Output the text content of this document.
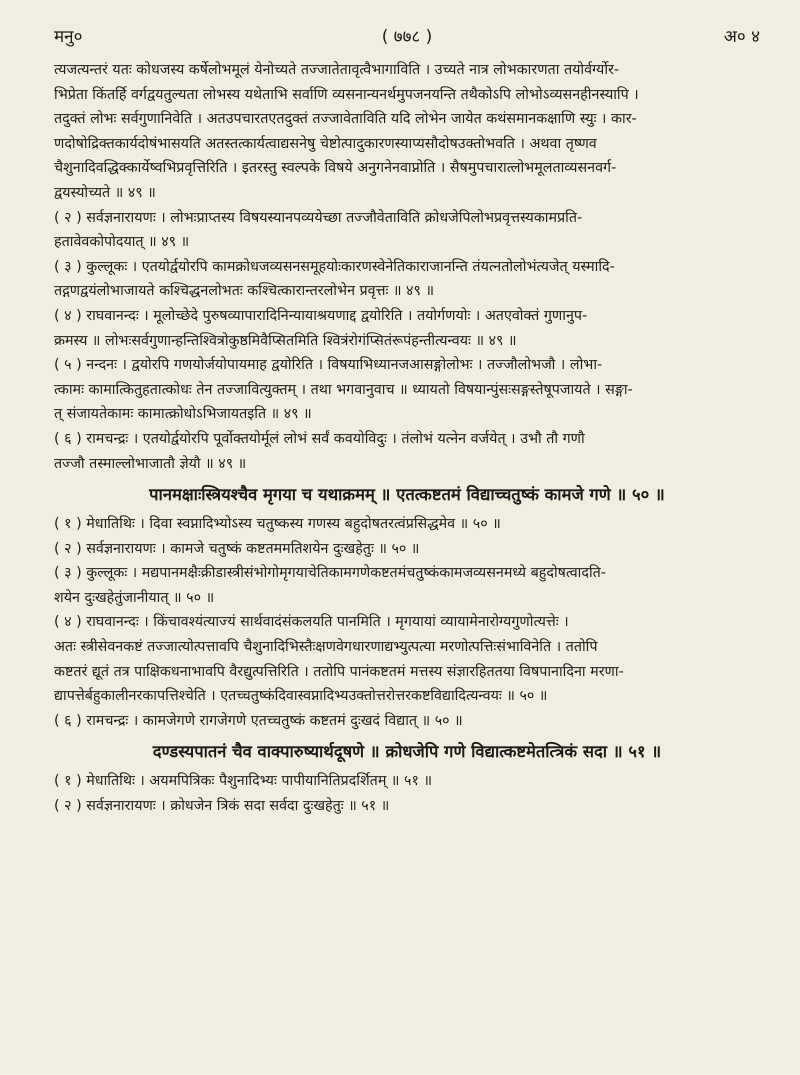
मनु०	( ७७८ )	अ० ४

त्यजत्यन्तरं यतः कोधजस्य कर्षेलोभमूलं येनोच्यते तज्जातेतावृत्वैभागाविति । उच्यते नात्र लोभकारणता तयोर्वर्ग्योर-

भिप्रेता किंतर्हि वर्गद्वयतुल्यता लोभस्य यथेताभि सर्वाणि व्यसनान्यनर्थमुपजनयन्ति तथैकोऽपि लोभोऽव्यसनहीनस्यापि ।

तदुक्तं लोभः सर्वगुणानिवेति । अतउपचारतएतदुक्तं तज्जावेताविति यदि लोभेन जायेत कथंसमानकक्षाणि स्युः । कार-

णदोषोद्रिक्तकार्यदोषंभासयति अतस्तत्कार्यत्वाद्यसनेषु चेष्टोत्पादुकारणस्याप्यसौदोषउक्तोभवति । अथवा तृष्णव

चैशुनादिवद्धिक्कार्येष्वभिप्रवृत्तिरिति । इतरस्तु स्वल्पके विषये अनुगनेनवाप्नोति । सैषमुपचारात्लोभमूलताव्यसनवर्ग-

द्वयस्योच्यते ॥ ४९ ॥

( २ ) सर्वज्ञनारायणः । लोभःप्राप्तस्य विषयस्यानपव्ययेच्छा तज्जौवेताविति क्रोधजेपिलोभप्रवृत्तस्यकामप्रति-

हतावेवकोपोदयात् ॥ ४९ ॥

( ३ ) कुल्लूकः । एतयोर्द्वयोरपि कामक्रोधजव्यसनसमूहयोःकारणस्वेनेतिकाराजानन्ति तंयत्नतोलोभंत्यजेत् यस्मादि-

तद्गणद्वयंलोभाजायते कश्चिद्धनलोभतः कश्चित्कारान्तरलोभेन प्रवृत्तः ॥ ४९ ॥

( ४ ) राघवानन्दः । मूलोच्छेदे पुरुषव्यापारादिनिन्यायाश्रयणाद्द द्वयोरिति । तयोर्गणयोः । अतएवोक्तं गुणानुप-

क्रमस्य ॥ लोभःसर्वगुणान्हन्तिश्वित्रोकुष्ठमिवैप्सितमिति श्वित्रंरोगंप्सितंरूपंहन्तीत्यन्वयः ॥ ४९ ॥

( ५ ) नन्दनः । द्वयोरपि गणयोर्जयोपायमाह द्वयोरिति । विषयाभिध्यानजआसङ्गोलोभः । तज्जौलोभजौ । लोभा-

त्कामः कामात्कितुहतात्कोधः तेन तज्जावित्युक्तम् । तथा भगवानुवाच ॥ ध्यायतो विषयान्पुंसःसङ्गस्तेषूपजायते । सङ्गा-

त् संजायतेकामः कामात्क्रोधोऽभिजायतइति ॥ ४९ ॥

( ६ ) रामचन्द्रः । एतयोर्द्वयोरपि पूर्वोक्तयोर्मूलं लोभं सर्वं कवयोविदुः । तंलोभं यत्नेन वर्जयेत् । उभौ तौ गणौ

तज्जौ तस्माल्लोभाजातौ ज्ञेयौ ॥ ४९ ॥

पानमक्षाःस्त्रियश्चैव मृगया च यथाक्रमम् ॥ एतत्कष्टतमं विद्याच्चतुष्कं कामजे गणे ॥ ५० ॥

( १ ) मेधातिथिः । दिवा स्वप्नादिभ्योऽस्य चतुष्कस्य गणस्य बहुदोषतरत्वंप्रसिद्धमेव ॥ ५० ॥

( २ ) सर्वज्ञनारायणः । कामजे चतुष्कं कष्टतममतिशयेन दुःखहेतुः ॥ ५० ॥

( ३ ) कुल्लूकः । मद्यपानमक्षैःक्रीडास्त्रीसंभोगोमृगयाचेतिकामगणेकष्टतमंचतुष्कंकामजव्यसनमध्ये बहुदोषत्वादति-

शयेन दुःखहेतुंजानीयात् ॥ ५० ॥

( ४ ) राघवानन्दः । किंचावश्यंत्याज्यं सार्थवादंसंकलयति पानमिति । मृगयायां व्यायामेनारोग्यगुणोत्यत्तेः ।

अतः स्त्रीसेवनकष्टं तज्जात्योत्पत्तावपि चैशुनादिभिस्तैःक्षणवेगधारणाद्यभ्युत्पत्या मरणोत्पत्तिःसंभाविनेति । ततोपि

कष्टतरं द्यूतं तत्र पाक्षिकधनाभावपि वैरद्युत्पत्तिरिति । ततोपि पानंकष्टतमं मत्तस्य संज्ञारहिततया विषपानादिना मरणा-

द्यापत्तेर्बहुकालीनरकापत्तिश्चेति । एतच्चतुष्कंदिवास्वप्नादिभ्यउक्तोत्तरोत्तरकष्टविद्यादित्यन्वयः ॥ ५० ॥

( ६ ) रामचन्द्रः । कामजेगणे रागजेगणे एतच्चतुष्कं कष्टतमं दुःखदं विद्यात् ॥ ५० ॥

दण्डस्यपातनं चैव वाक्पारुष्यार्थदूषणे ॥ क्रोधजेपि गणे विद्यात्कष्टमेतत्त्रिकं सदा ॥ ५१ ॥

( १ ) मेधातिथिः । अयमपित्रिकः पैशुनादिभ्यः पापीयानितिप्रदर्शितम् ॥ ५१ ॥

( २ ) सर्वज्ञनारायणः । क्रोधजेन त्रिकं सदा सर्वदा दुःखहेतुः ॥ ५१ ॥
